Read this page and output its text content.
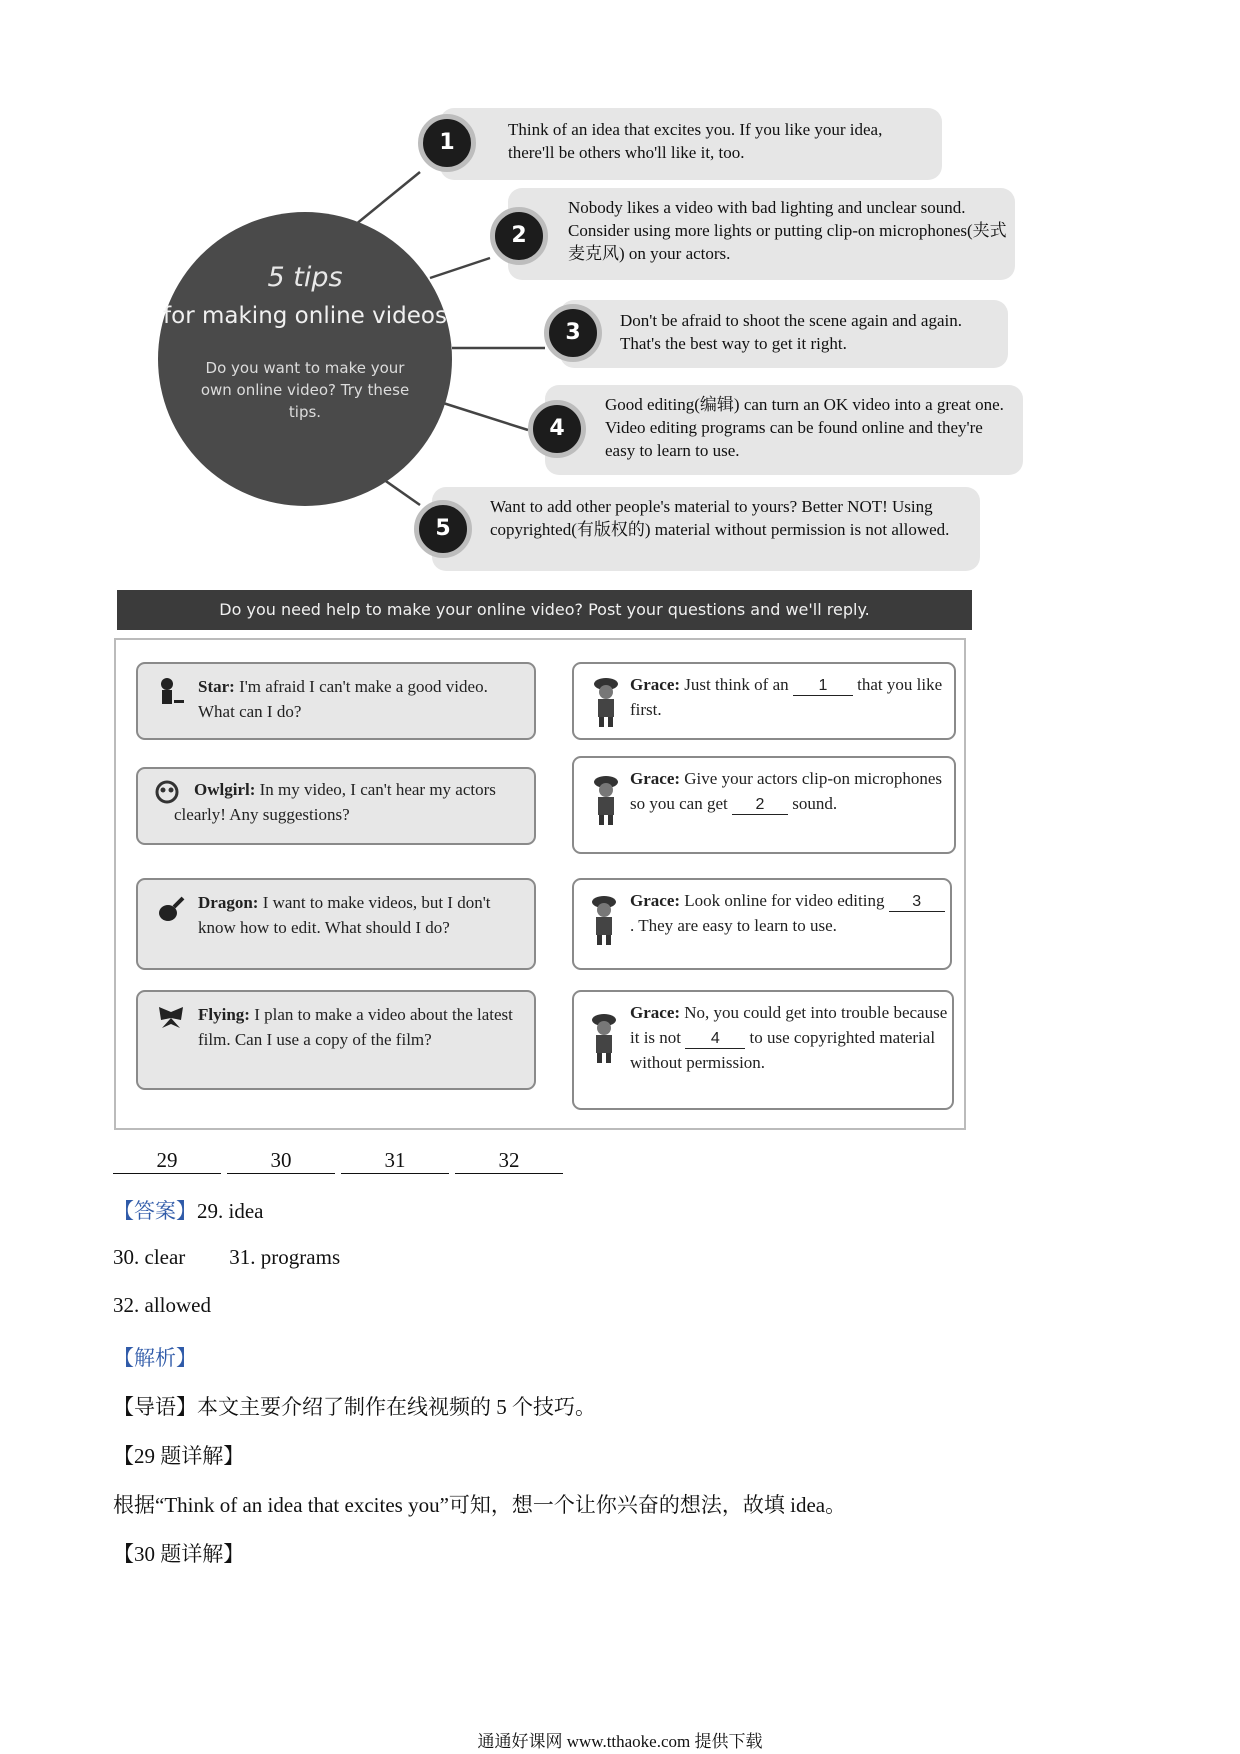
5 tips
for making online videos
Do you want to make your own online video? Try these tips.
Think of an idea that excites you. If you like your idea, there'll be others who'll like it, too.
1
Nobody likes a video with bad lighting and unclear sound. Consider using more lights or putting clip-on microphones(夹式麦克风) on your actors.
2
Don't be afraid to shoot the scene again and again. That's the best way to get it right.
3
Good editing(编辑) can turn an OK video into a great one. Video editing programs can be found online and they're easy to learn to use.
4
Want to add other people's material to yours? Better NOT! Using copyrighted(有版权的) material without permission is not allowed.
5
Do you need help to make your online video? Post your questions and we'll reply.
Star: I'm afraid I can't make a good video. What can I do?
Owlgirl: In my video, I can't hear my actors clearly! Any suggestions?
Dragon: I want to make videos, but I don't know how to edit. What should I do?
Flying: I plan to make a video about the latest film. Can I use a copy of the film?
Grace: Just think of an 1 that you like first.
Grace: Give your actors clip-on microphones so you can get 2 sound.
Grace: Look online for video editing 3. They are easy to learn to use.
Grace: No, you could get into trouble because it is not 4 to use copyrighted material without permission.
29	30	31	32
【答案】29. idea
30. clear 31. programs
32. allowed
【解析】
【导语】本文主要介绍了制作在线视频的 5 个技巧。
【29 题详解】
根据“Think of an idea that excites you”可知，想一个让你兴奋的想法，故填 idea。
【30 题详解】
通通好课网 www.tthaoke.com 提供下载
